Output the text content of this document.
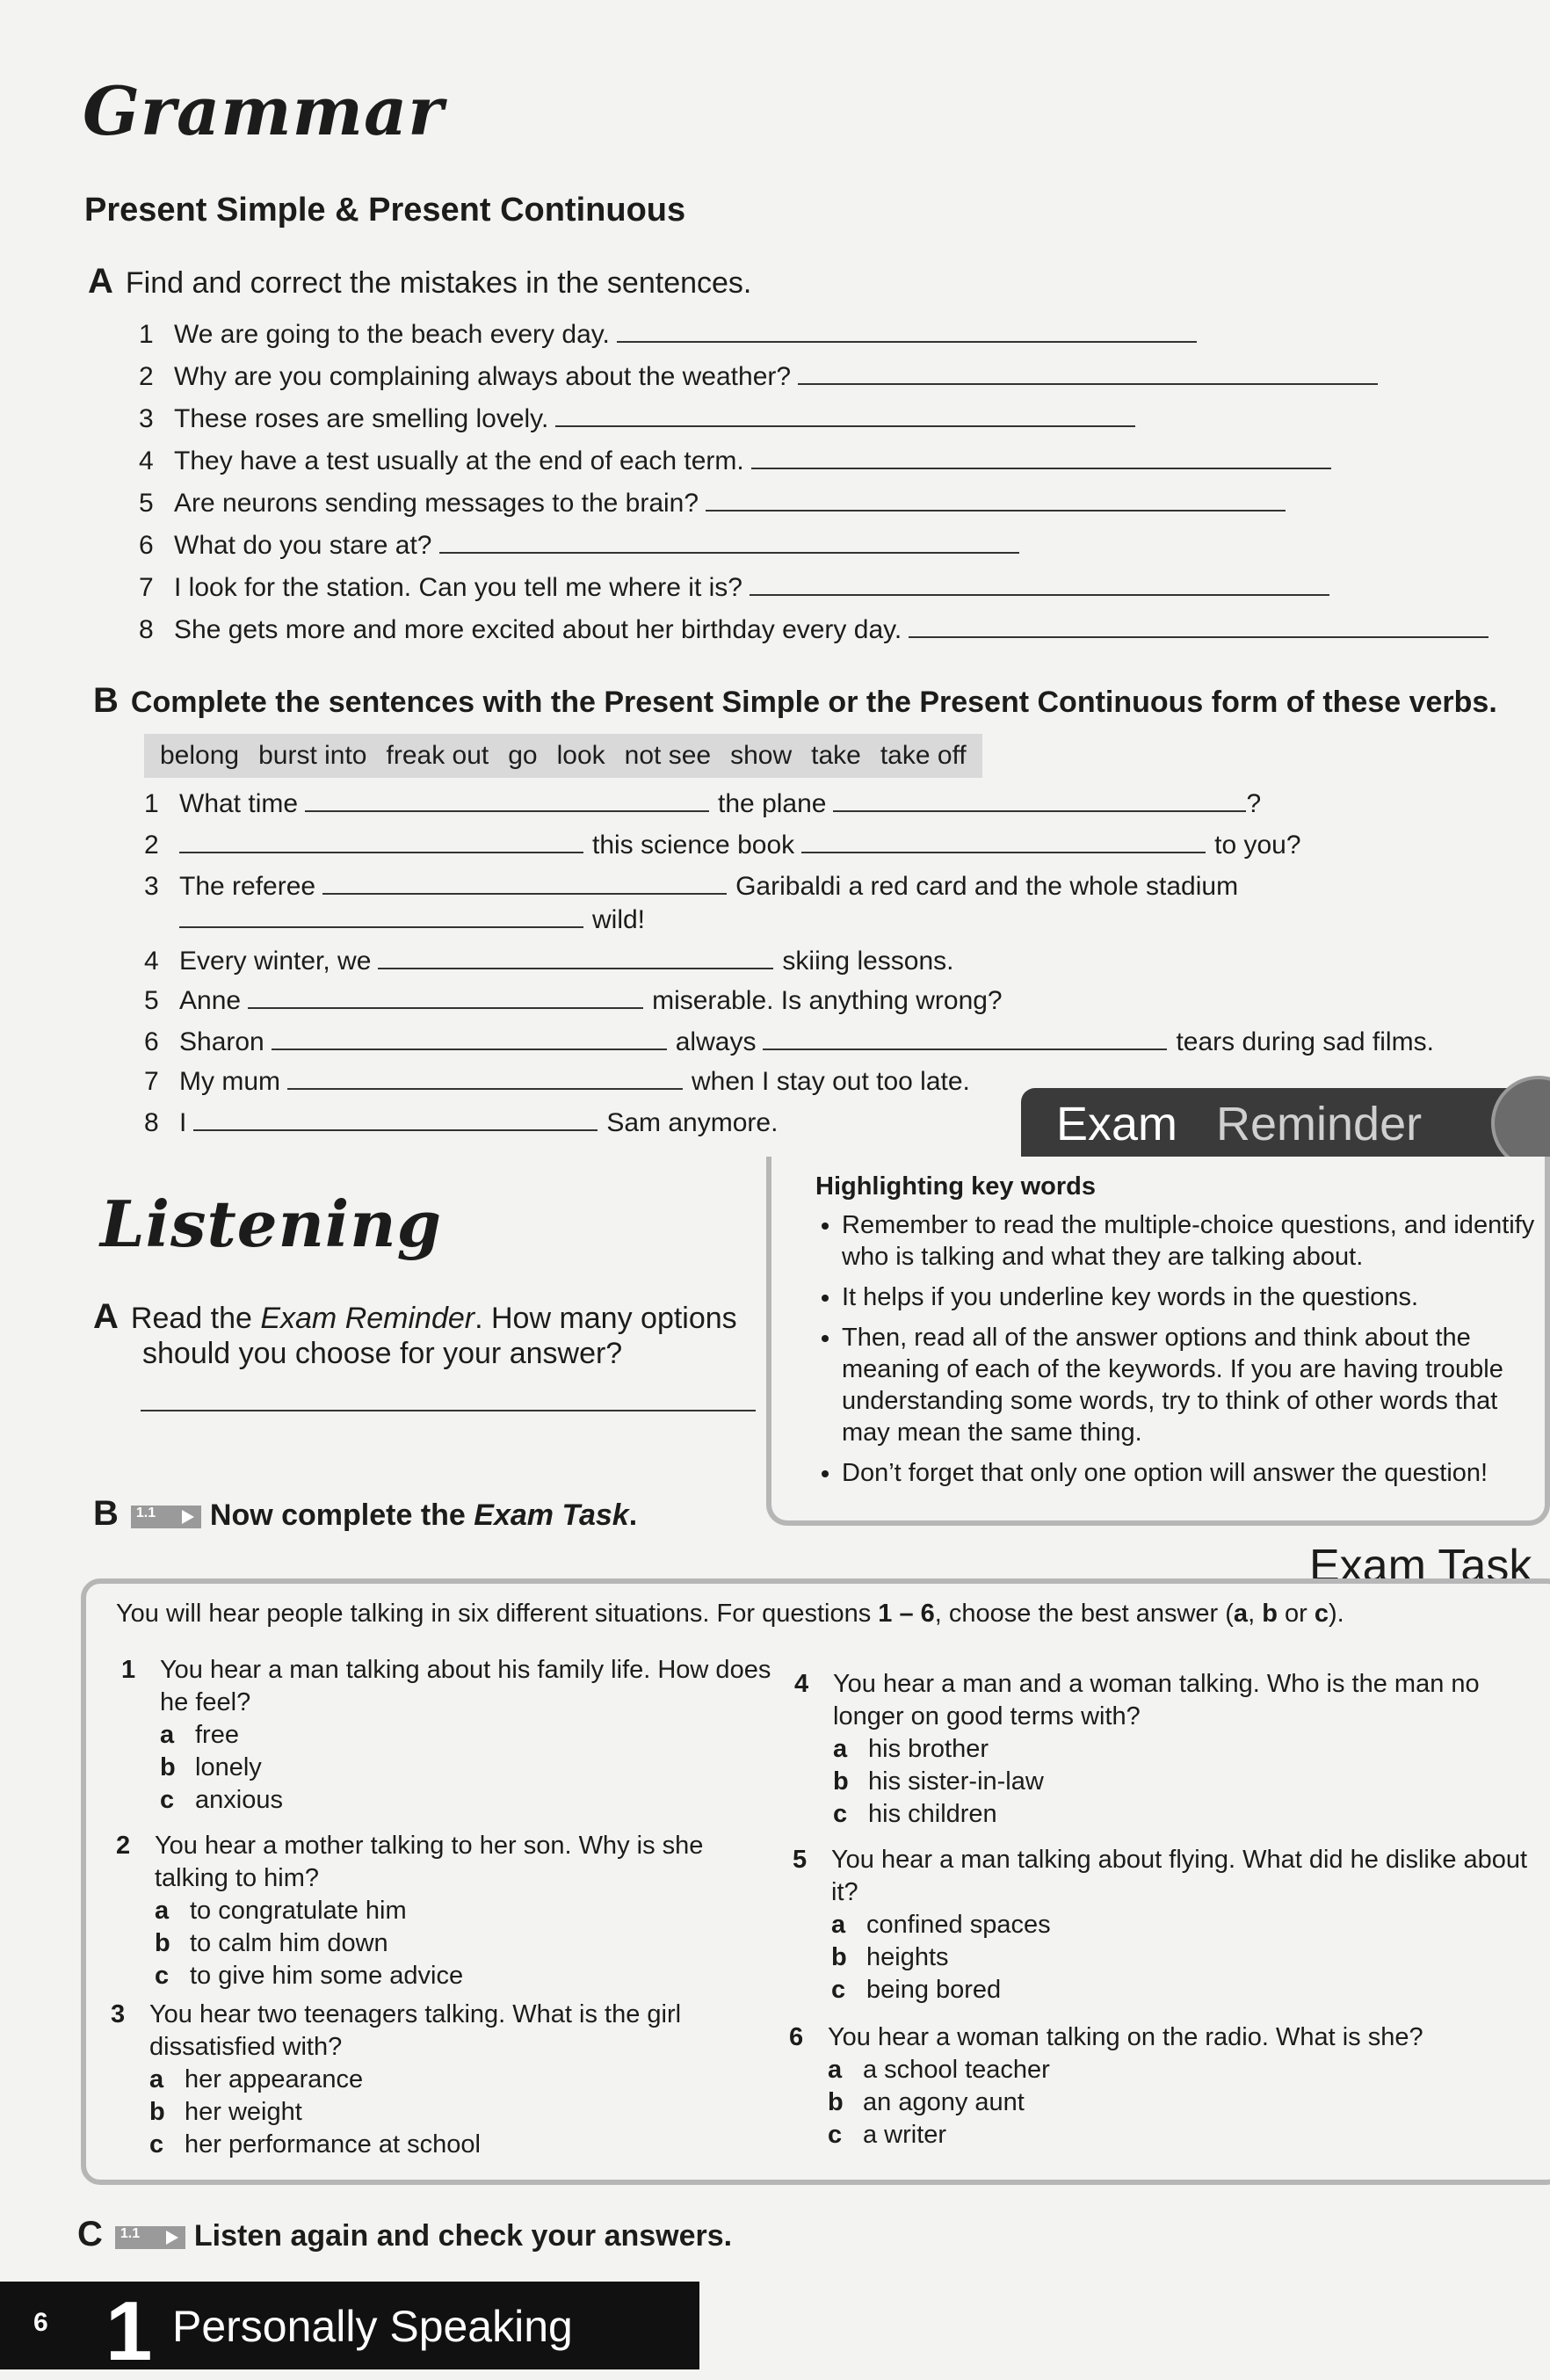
Grammar
Present Simple & Present Continuous
A Find and correct the mistakes in the sentences.
1 We are going to the beach every day.
2 Why are you complaining always about the weather?
3 These roses are smelling lovely.
4 They have a test usually at the end of each term.
5 Are neurons sending messages to the brain?
6 What do you stare at?
7 I look for the station. Can you tell me where it is?
8 She gets more and more excited about her birthday every day.
B Complete the sentences with the Present Simple or the Present Continuous form of these verbs.
belong burst into freak out go look not see show take take off
1 What time	the plane	?
2	this science book	to you?
3 The referee	Garibaldi a red card and the whole stadium
wild!
4 Every winter, we	skiing lessons.
5 Anne	miserable. Is anything wrong?
6 Sharon	always	tears during sad films.
7 My mum	when I stay out too late.
8 I	Sam anymore.	Exam Reminder
Highlighting key words
• Remember to read the multiple-choice questions, and identify who is talking and what they are talking about.
• It helps if you underline key words in the questions.
• Then, read all of the answer options and think about the meaning of each of the keywords. If you are having trouble understanding some words, try to think of other words that may mean the same thing.
• Don’t forget that only one option will answer the question!
Listening
A Read the Exam Reminder. How many options
should you choose for your answer?
B 1.1 Now complete the Exam Task.
Exam Task
You will hear people talking in six different situations. For questions 1 – 6, choose the best answer (a, b or c).
1 You hear a man talking about his family life. How does he feel?
a free
b lonely
c anxious
2 You hear a mother talking to her son. Why is she talking to him?
a to congratulate him
b to calm him down
c to give him some advice
3 You hear two teenagers talking. What is the girl dissatisfied with?
a her appearance
b her weight
c her performance at school
4 You hear a man and a woman talking. Who is the man no longer on good terms with?
a his brother
b his sister-in-law
c his children
5 You hear a man talking about flying. What did he dislike about it?
a confined spaces
b heights
c being bored
6 You hear a woman talking on the radio. What is she?
a a school teacher
b an agony aunt
c a writer
C 1.1 Listen again and check your answers.
6 1 Personally Speaking
